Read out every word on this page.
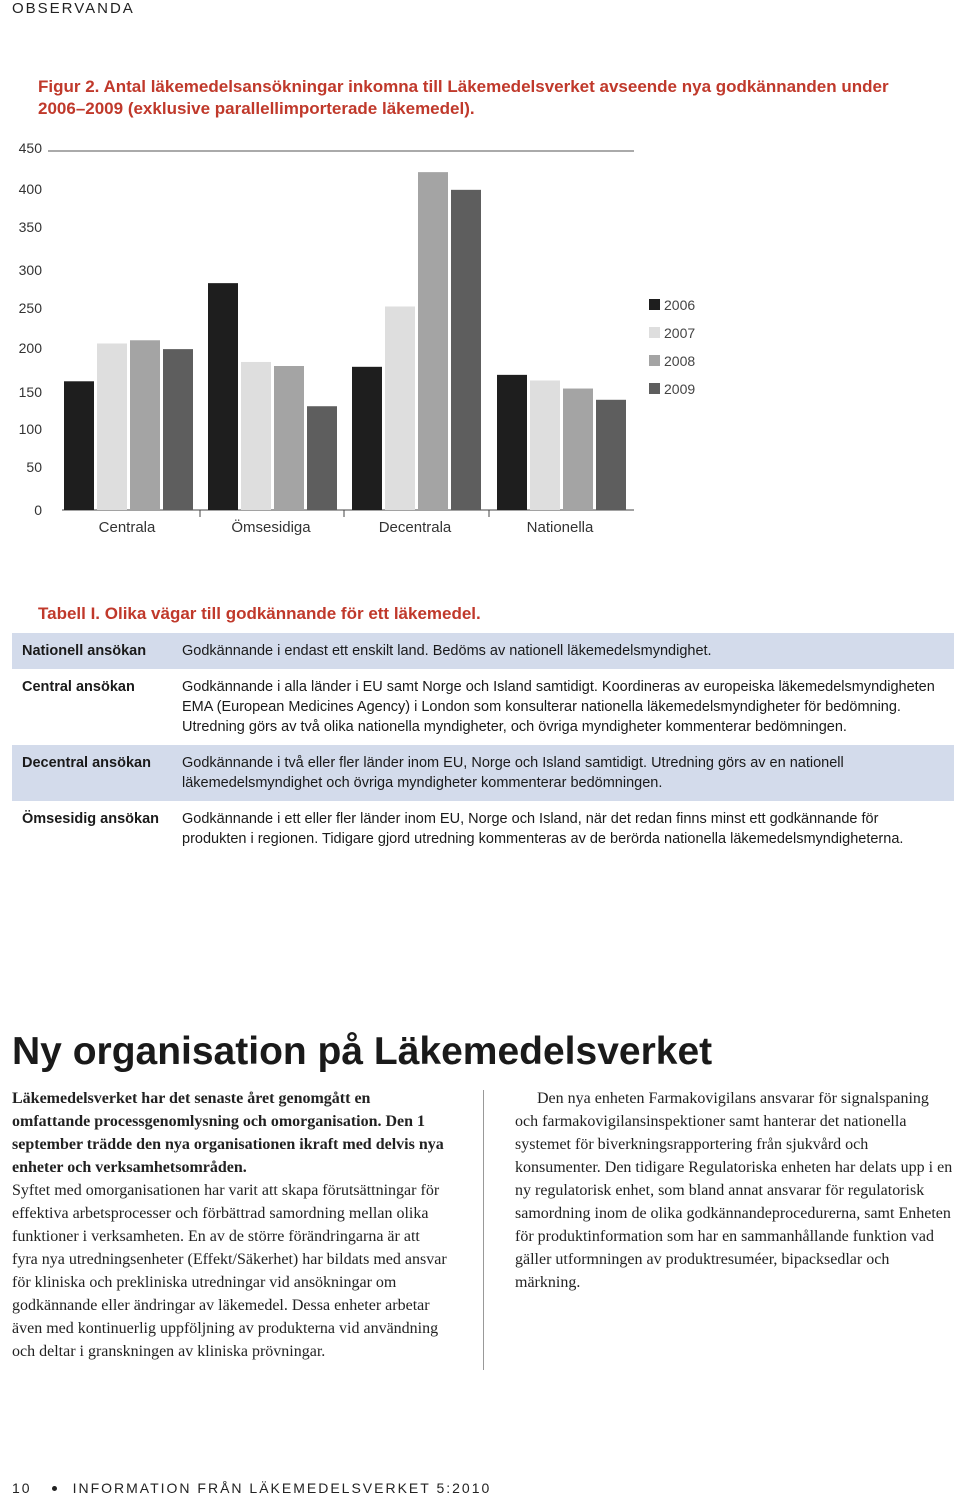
OBSERVANDA
Figur 2. Antal läkemedelsansökningar inkomna till Läkemedelsverket avseende nya godkännanden under 2006–2009 (exklusive parallellimporterade läkemedel).
450
400
350
300
250
200
150
100
50
0
Centrala	Ömsesidiga	Decentrala	Nationella
2006
2007
2008
2009
Tabell I. Olika vägar till godkännande för ett läkemedel.
Nationell ansökan	Godkännande i endast ett enskilt land. Bedöms av nationell läkemedelsmyndighet.
Central ansökan	Godkännande i alla länder i EU samt Norge och Island samtidigt. Koordineras av europeiska läkemedelsmyndigheten EMA (European Medicines Agency) i London som konsulterar nationella läkemedelsmyndigheter för bedömning. Utredning görs av två olika nationella myndigheter, och övriga myndigheter kommenterar bedömningen.
Decentral ansökan	Godkännande i två eller fler länder inom EU, Norge och Island samtidigt. Utredning görs av en nationell läkemedelsmyndighet och övriga myndigheter kommenterar bedömningen.
Ömsesidig ansökan	Godkännande i ett eller fler länder inom EU, Norge och Island, när det redan finns minst ett godkännande för produkten i regionen. Tidigare gjord utredning kommenteras av de berörda nationella läkemedelsmyndigheterna.
Ny organisation på Läkemedelsverket

Läkemedelsverket har det senaste året genomgått en omfattande processgenomlysning och omorganisation. Den 1 september trädde den nya organisationen ikraft med delvis nya enheter och verksamhetsområden.

Syftet med omorganisationen har varit att skapa förutsättningar för effektiva arbetsprocesser och förbättrad samordning mellan olika funktioner i verksamheten. En av de större förändringarna är att fyra nya utredningsenheter (Effekt/Säkerhet) har bildats med ansvar för kliniska och prekliniska utredningar vid ansökningar om godkännande eller ändringar av läkemedel. Dessa enheter arbetar även med kontinuerlig uppföljning av produkterna vid användning och deltar i granskningen av kliniska prövningar.

Den nya enheten Farmakovigilans ansvarar för signalspaning och farmakovigilansinspektioner samt hanterar det nationella systemet för biverkningsrapportering från sjukvård och konsumenter. Den tidigare Regulatoriska enheten har delats upp i en ny regulatorisk enhet, som bland annat ansvarar för regulatorisk samordning inom de olika godkännandeprocedurerna, samt Enheten för produktinformation som har en sammanhållande funktion vad gäller utformningen av produktresuméer, bipacksedlar och märkning.

10	INFORMATION FRÅN LÄKEMEDELSVERKET 5:2010
